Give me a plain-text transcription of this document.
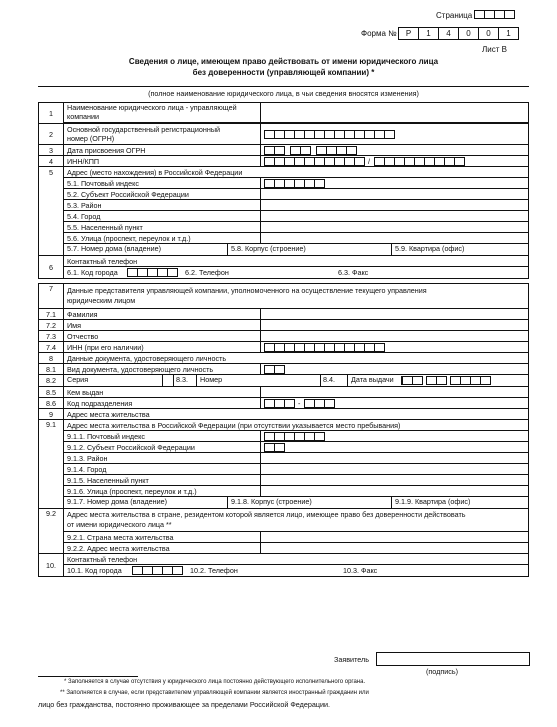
Страница
Форма №	Р	1	4	0	0	1
Лист В
Сведения о лице, имеющем право действовать от имени юридического лица
без доверенности (управляющей компании) *
(полное наименование юридического лица, в чьи сведения вносятся изменения)
1	Наименование юридического лица - управляющей компании	

2	Основной государственный регистрационный
номер (ОГРН)	

3	Дата присвоения ОГРН	

4	ИНН/КПП	/

5	Адрес (место нахождения) в Российской Федерации	
	5.1. Почтовый индекс	

	5.2. Субъект Российской Федерации	
	5.3. Район	
	5.4. Город	
	5.5. Населенный пункт	
	5.6. Улица (проспект, переулок и т.д.)	

	5.7. Номер дома (владение) 5.8. Корпус (строение) 5.9. Квартира (офис)	

6	Контактный телефон	

	6.1. Код города 6.2. Телефон 6.3. Факс	

7	Данные представителя управляющей компании, уполномоченного на осуществление текущего управления
юридическим лицом	

7.1	Фамилия	
7.2	Имя	
7.3	Отчество	
7.4	ИНН (при его наличии)	

8	Данные документа, удостоверяющего личность	
8.1	Вид документа, удостоверяющего личность	

8.2	Серия 8.3. Номер 8.4. Дата выдачи	

8.5	Кем выдан	
8.6	Код подразделения	-

9	Адрес места жительства	
9.1	Адрес места жительства в Российской Федерации (при отсутствии указывается место пребывания)	
	9.1.1. Почтовый индекс	

	9.1.2. Субъект Российской Федерации	

	9.1.3. Район	
	9.1.4. Город	
	9.1.5. Населенный пункт	
	9.1.6. Улица (проспект, переулок и т.д.)	

	9.1.7. Номер дома (владение) 9.1.8. Корпус (строение) 9.1.9. Квартира (офис)	

9.2	Адрес места жительства в стране, резидентом которой является лицо, имеющее право без доверенности действовать
от имени юридического лица **	

	9.2.1. Страна места жительства	
	9.2.2. Адрес места жительства	
10.	Контактный телефон	

	10.1. Код города 10.2. Телефон 10.3. Факс	
Заявитель
(подпись)
* Заполняется в случае отсутствия у юридического лица постоянно действующего исполнительного органа.
** Заполняется в случае, если представителем управляющей компании является иностранный гражданин или
лицо без гражданства, постоянно проживающее за пределами Российской Федерации.
